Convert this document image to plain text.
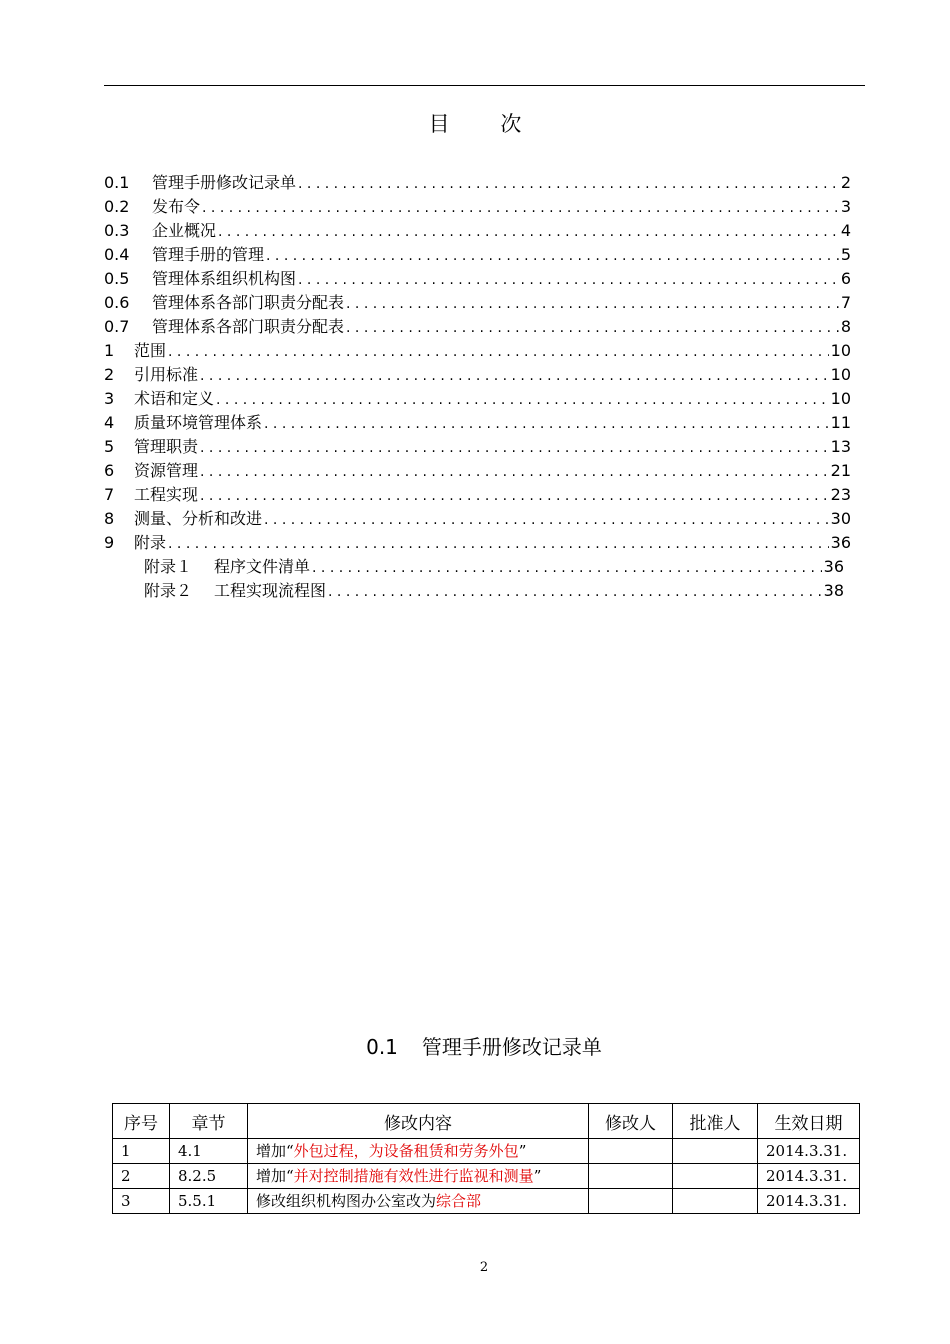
目 次
0.1	管理手册修改记录单 . . .	2
0.2	发布令 . . .	3
0.3	企业概况 . . .	4
0.4	管理手册的管理 . . .	5
0.5	管理体系组织机构图 . . .	6
0.6	管理体系各部门职责分配表 . . .	7
0.7	管理体系各部门职责分配表 . . .	8
1	范围 . . .	10
2	引用标准 . . .	10
3	术语和定义 . . .	10
4	质量环境管理体系 . . .	11
5	管理职责 . . .	13
6	资源管理 . . .	21
7	工程实现 . . .	23
8	测量、分析和改进 . . .	30
9	附录 . . .	36
附录１	程序文件清单 . . .	36
附录２	工程实现流程图 . . .	38
0.1 管理手册修改记录单
序号	章节	修改内容	修改人	批准人	生效日期
1	4.1	增加“外包过程，为设备租赁和劳务外包”			2014.3.31.
2	8.2.5	增加“并对控制措施有效性进行监视和测量”			2014.3.31.
3	5.5.1	修改组织机构图办公室改为综合部			2014.3.31.
2
